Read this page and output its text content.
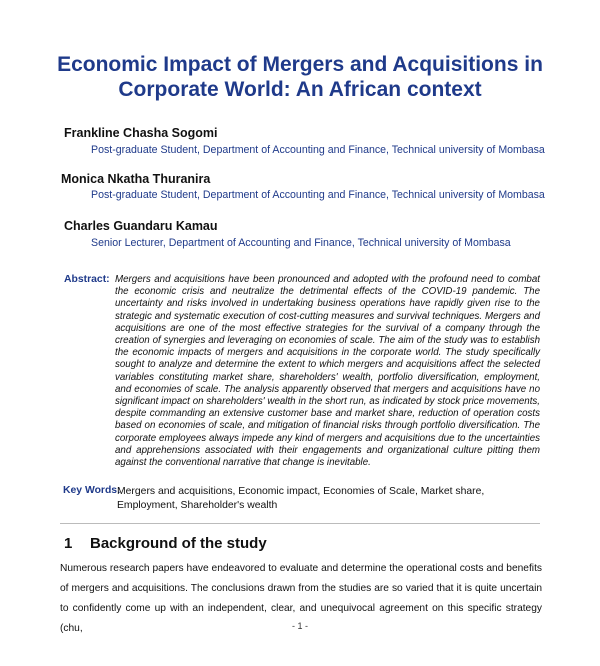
Economic Impact of Mergers and Acquisitions in
Corporate World: An African context
Frankline Chasha Sogomi
Post-graduate Student, Department of Accounting and Finance, Technical university of Mombasa
Monica Nkatha Thuranira
Post-graduate Student, Department of Accounting and Finance, Technical university of Mombasa
Charles Guandaru Kamau
Senior Lecturer, Department of Accounting and Finance, Technical university of Mombasa
Abstract: Mergers and acquisitions have been pronounced and adopted with the profound need to combat the economic crisis and neutralize the detrimental effects of the COVID-19 pandemic. The uncertainty and risks involved in undertaking business operations have rapidly given rise to the strategic and systematic execution of cost-cutting measures and survival techniques. Mergers and acquisitions are one of the most effective strategies for the survival of a company through the creation of synergies and leveraging on economies of scale. The aim of the study was to establish the economic impacts of mergers and acquisitions in the corporate world. The study specifically sought to analyze and determine the extent to which mergers and acquisitions affect the selected variables constituting market share, shareholders' wealth, portfolio diversification, employment, and economies of scale. The analysis apparently observed that mergers and acquisitions have no significant impact on shareholders' wealth in the short run, as indicated by stock price movements, despite commanding an extensive customer base and market share, reduction of operation costs based on economies of scale, and mitigation of financial risks through portfolio diversification. The corporate employees always impede any kind of mergers and acquisitions due to the uncertainties and apprehensions associated with their engagements and organizational culture pitting them against the conventional narrative that change is inevitable.
Key Words:
Mergers and acquisitions, Economic impact, Economies of Scale, Market share, Employment, Shareholder's wealth
1 Background of the study
Numerous research papers have endeavored to evaluate and determine the operational costs and benefits of mergers and acquisitions. The conclusions drawn from the studies are so varied that it is quite uncertain to confidently come up with an independent, clear, and unequivocal agreement on this specific strategy (chu,	- 1 -
